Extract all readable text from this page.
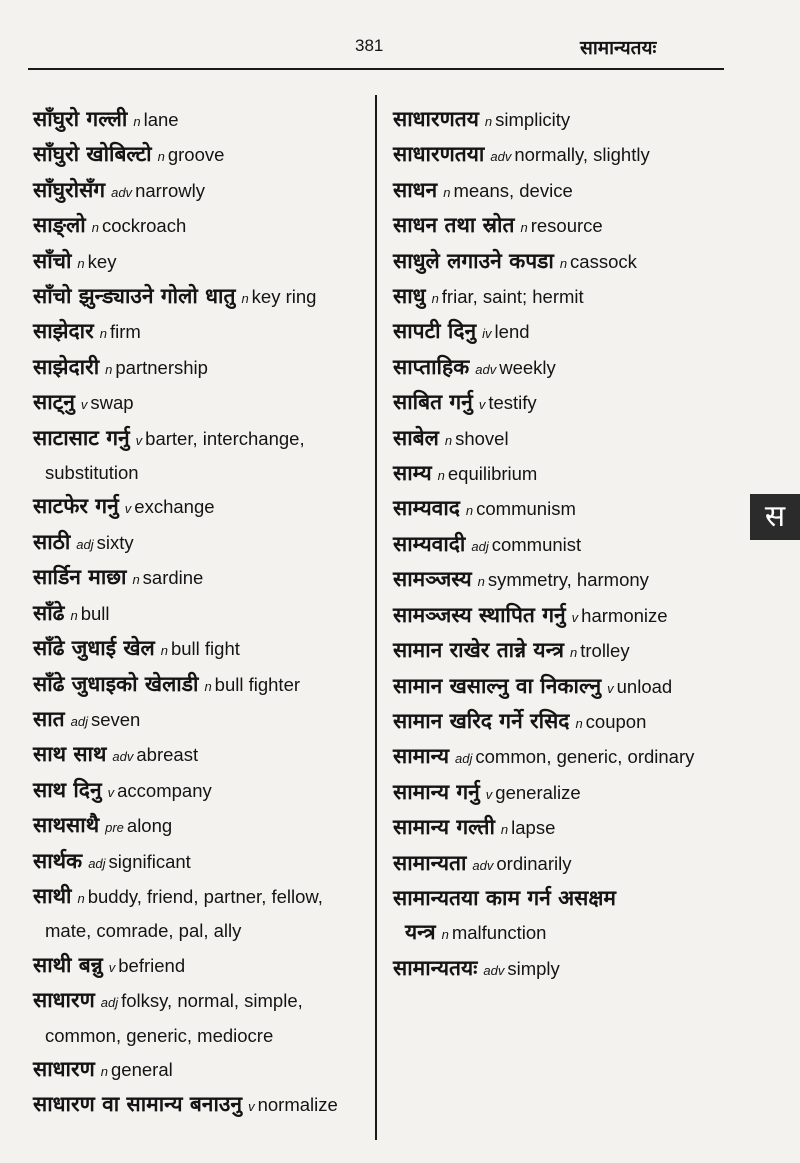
381	सामान्यतयः
स
साँघुरो गल्ली n lane
साँघुरो खोबिल्टो n groove
साँघुरोसँग adv narrowly
साङ्लो n cockroach
साँचो n key
साँचो झुन्ड्याउने गोलो धातु n key ring
साझेदार n firm
साझेदारी n partnership
साट्नु v swap
साटासाट गर्नु v barter, interchange, substitution
साटफेर गर्नु v exchange
साठी adj sixty
सार्डिन माछा n sardine
साँढे n bull
साँढे जुधाई खेल n bull fight
साँढे जुधाइको खेलाडी n bull fighter
सात adj seven
साथ साथ adv abreast
साथ दिनु v accompany
साथसाथै pre along
सार्थक adj significant
साथी n buddy, friend, partner, fellow, mate, comrade, pal, ally
साथी बन्नु v befriend
साधारण adj folksy, normal, simple, common, generic, mediocre
साधारण n general
साधारण वा सामान्य बनाउनु v normalize
साधारणतय n simplicity
साधारणतया adv normally, slightly
साधन n means, device
साधन तथा स्रोत n resource
साधुले लगाउने कपडा n cassock
साधु n friar, saint; hermit
सापटी दिनु iv lend
साप्ताहिक adv weekly
साबित गर्नु v testify
साबेल n shovel
साम्य n equilibrium
साम्यवाद n communism
साम्यवादी adj communist
सामञ्जस्य n symmetry, harmony
सामञ्जस्य स्थापित गर्नु v harmonize
सामान राखेर तान्ने यन्त्र n trolley
सामान खसाल्नु वा निकाल्नु v unload
सामान खरिद गर्ने रसिद n coupon
सामान्य adj common, generic, ordinary
सामान्य गर्नु v generalize
सामान्य गल्ती n lapse
सामान्यता adv ordinarily
सामान्यतया काम गर्न असक्षम यन्त्र n malfunction
सामान्यतयः adv simply
